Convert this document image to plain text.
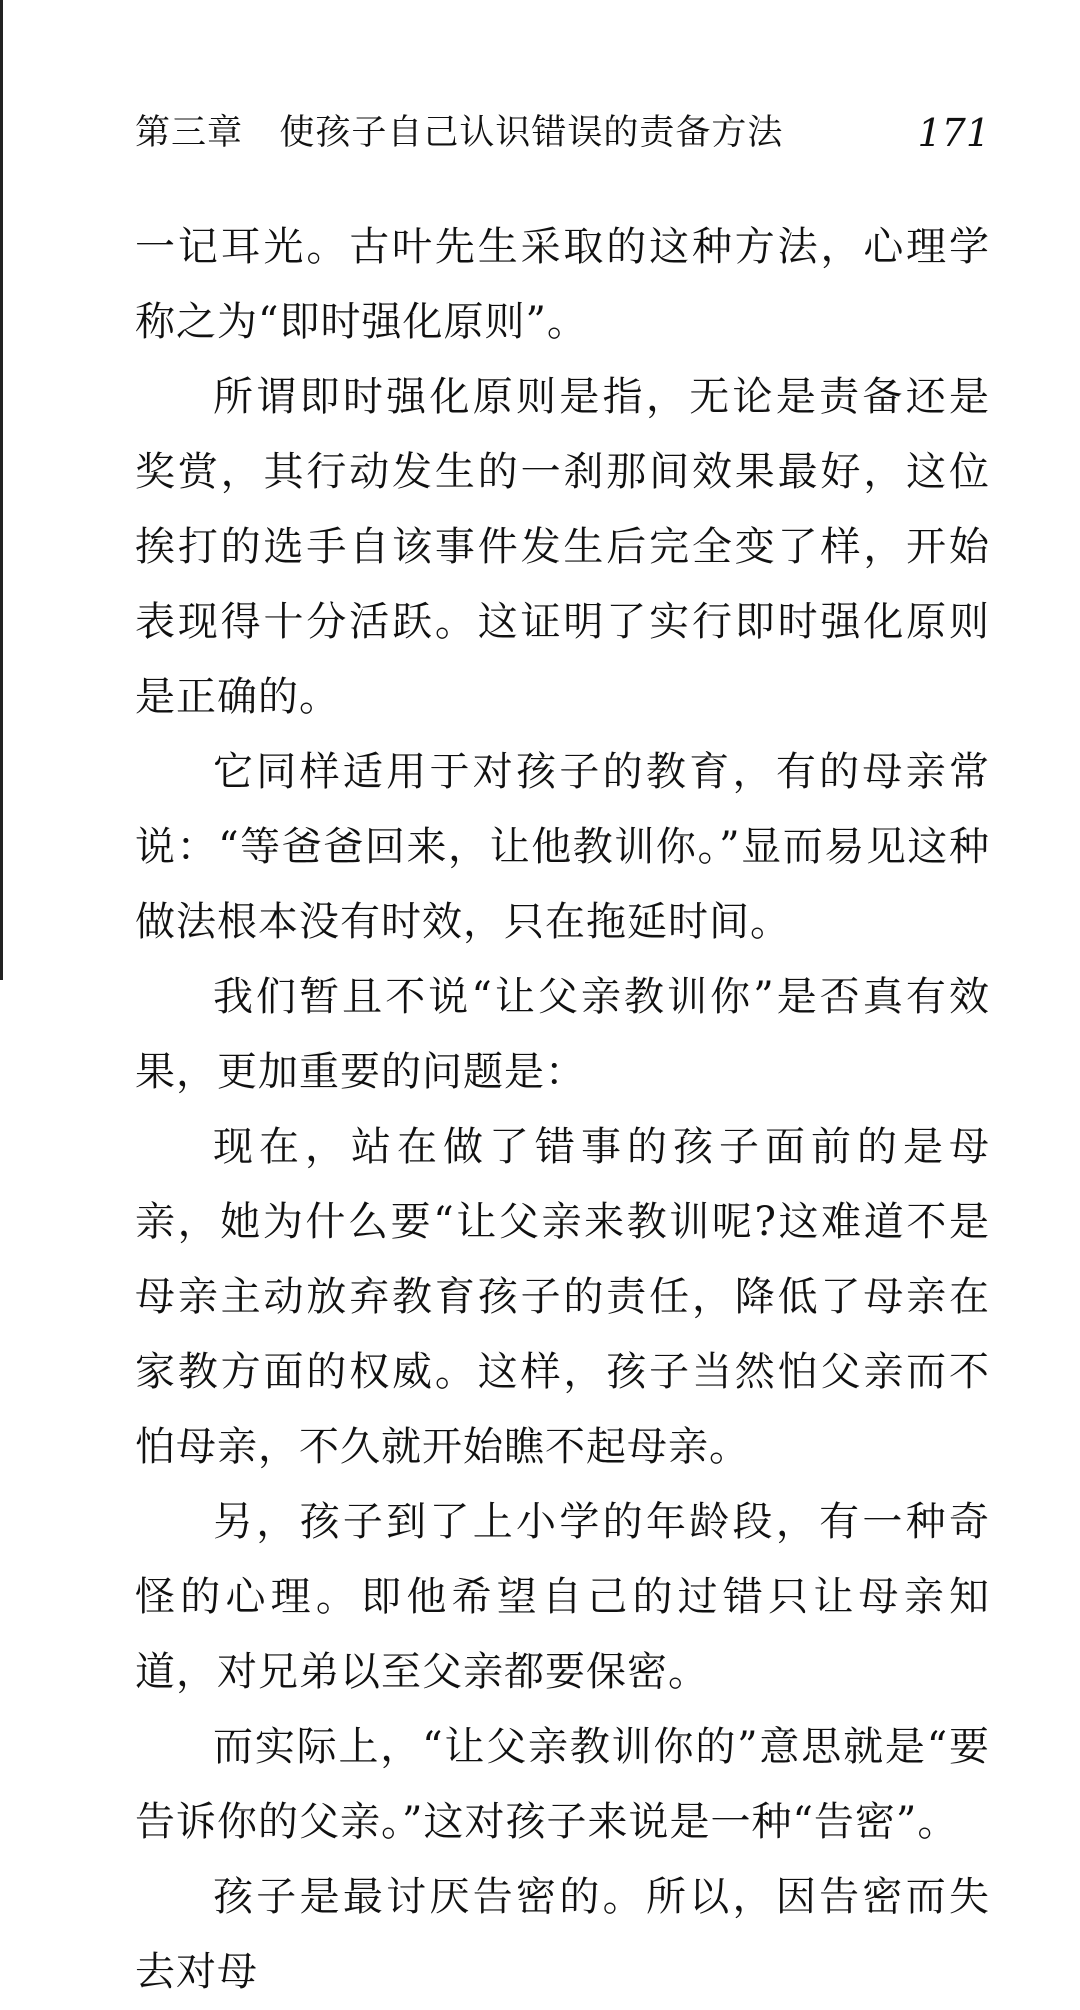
第三章   使孩子自己认识错误的责备方法	171

一记耳光。古叶先生采取的这种方法，心理学称之为“即时强化原则”。

所谓即时强化原则是指，无论是责备还是奖赏，其行动发生的一刹那间效果最好，这位挨打的选手自该事件发生后完全变了样，开始表现得十分活跃。这证明了实行即时强化原则是正确的。

它同样适用于对孩子的教育，有的母亲常说：“等爸爸回来，让他教训你。”显而易见这种做法根本没有时效，只在拖延时间。

我们暂且不说“让父亲教训你”是否真有效果，更加重要的问题是：

现在，站在做了错事的孩子面前的是母亲，她为什么要“让父亲来教训呢?这难道不是母亲主动放弃教育孩子的责任，降低了母亲在家教方面的权威。这样，孩子当然怕父亲而不怕母亲，不久就开始瞧不起母亲。

另，孩子到了上小学的年龄段，有一种奇怪的心理。即他希望自己的过错只让母亲知道，对兄弟以至父亲都要保密。

而实际上，“让父亲教训你的”意思就是“要告诉你的父亲。”这对孩子来说是一种“告密”。

孩子是最讨厌告密的。所以，因告密而失去对母
